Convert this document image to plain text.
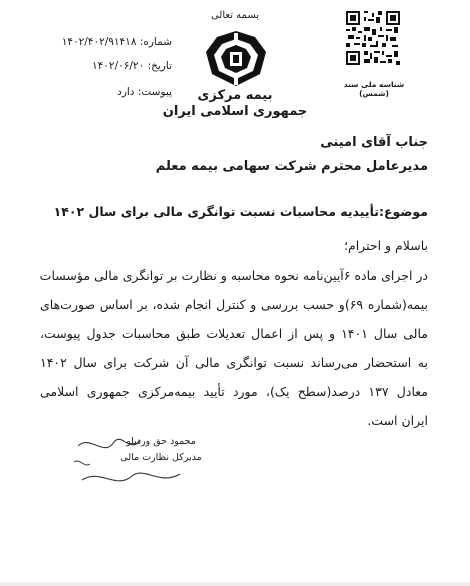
بسمه تعالی
بیمه مرکزی
جمهوری اسلامی ایران
شماره: ۱۴۰۲/۴۰۲/۹۱۴۱۸
تاریخ: ۱۴۰۲/۰۶/۲۰
پیوست: دارد
شناسه ملی سند (شمس)
جناب آقای امینی
مدیرعامل محترم شرکت سهامی بیمه معلم
موضوع:تأییدیه محاسبات نسبت توانگری مالی برای سال ۱۴۰۲
باسلام و احترام؛
در اجرای ماده ۶آیین‌نامه نحوه محاسبه و نظارت بر توانگری مالی مؤسسات
بیمه(شماره ۶۹)و حسب بررسی و کنترل انجام شده، بر اساس صورت‌های
مالی سال ۱۴۰۱ و پس از اعمال تعدیلات طبق محاسبات جدول پیوست،
به استحضار می‌رساند نسبت توانگری مالی آن شرکت برای سال ۱۴۰۲
معادل ۱۳۷ درصد(سطح یک)، مورد تأیید بیمه‌مرکزی جمهوری اسلامی
ایران است.
محمود حق وردیلو
مدیرکل نظارت مالی
